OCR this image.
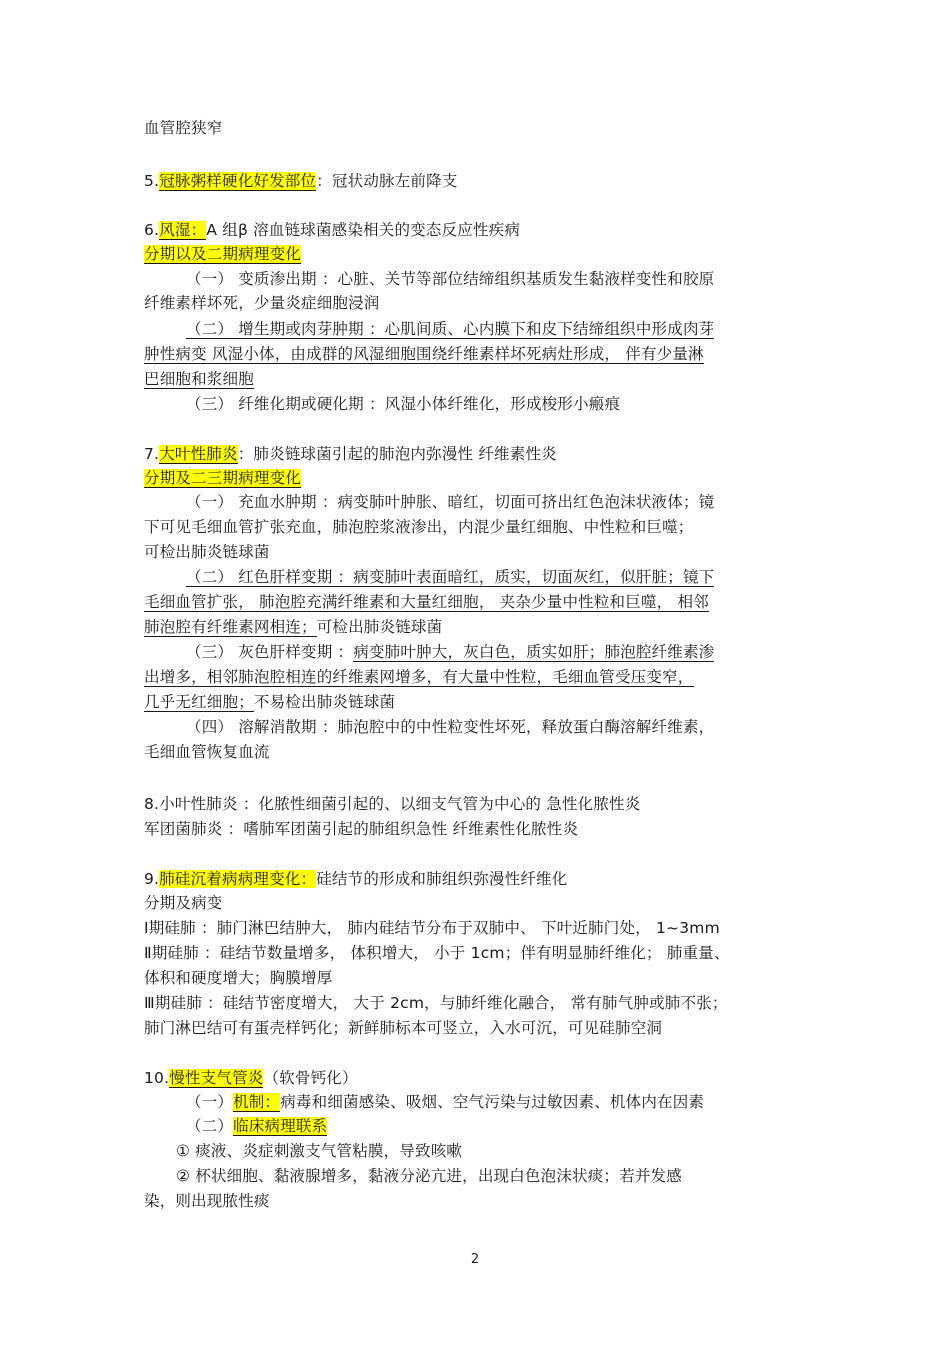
血管腔狭窄
5.冠脉粥样硬化好发部位：冠状动脉左前降支
6.风湿：A 组β 溶血链球菌感染相关的变态反应性疾病
分期以及二期病理变化
（一） 变质渗出期 ：心脏、关节等部位结缔组织基质发生黏液样变性和胶原
纤维素样坏死，少量炎症细胞浸润
（二） 增生期或肉芽肿期 ：心肌间质、心内膜下和皮下结缔组织中形成肉芽
肿性病变 风湿小体，由成群的风湿细胞围绕纤维素样坏死病灶形成， 伴有少量淋
巴细胞和浆细胞
（三） 纤维化期或硬化期 ：风湿小体纤维化，形成梭形小瘢痕
7.大叶性肺炎：肺炎链球菌引起的肺泡内弥漫性 纤维素性炎
分期及二三期病理变化
（一） 充血水肿期 ：病变肺叶肿胀、暗红，切面可挤出红色泡沫状液体；镜
下可见毛细血管扩张充血，肺泡腔浆液渗出，内混少量红细胞、中性粒和巨噬；
可检出肺炎链球菌
（二） 红色肝样变期 ：病变肺叶表面暗红，质实，切面灰红，似肝脏；镜下
毛细血管扩张， 肺泡腔充满纤维素和大量红细胞， 夹杂少量中性粒和巨噬， 相邻
肺泡腔有纤维素网相连；可检出肺炎链球菌
（三） 灰色肝样变期 ：病变肺叶肿大，灰白色，质实如肝；肺泡腔纤维素渗
出增多，相邻肺泡腔相连的纤维素网增多，有大量中性粒，毛细血管受压变窄，
几乎无红细胞；不易检出肺炎链球菌
（四） 溶解消散期 ：肺泡腔中的中性粒变性坏死，释放蛋白酶溶解纤维素，
毛细血管恢复血流
8.小叶性肺炎 ：化脓性细菌引起的、以细支气管为中心的 急性化脓性炎
军团菌肺炎 ：嗜肺军团菌引起的肺组织急性 纤维素性化脓性炎
9.肺硅沉着病病理变化：硅结节的形成和肺组织弥漫性纤维化
分期及病变
Ⅰ期硅肺 ：肺门淋巴结肿大， 肺内硅结节分布于双肺中、 下叶近肺门处， 1~3mm
Ⅱ期硅肺 ：硅结节数量增多， 体积增大， 小于 1cm；伴有明显肺纤维化； 肺重量、
体积和硬度增大；胸膜增厚
Ⅲ期硅肺 ：硅结节密度增大， 大于 2cm，与肺纤维化融合， 常有肺气肿或肺不张；
肺门淋巴结可有蛋壳样钙化；新鲜肺标本可竖立，入水可沉，可见硅肺空洞
10.慢性支气管炎（软骨钙化）
（一）机制：病毒和细菌感染、吸烟、空气污染与过敏因素、机体内在因素
（二）临床病理联系
① 痰液、炎症刺激支气管粘膜，导致咳嗽
② 杯状细胞、黏液腺增多，黏液分泌亢进，出现白色泡沫状痰；若并发感
染，则出现脓性痰
2
